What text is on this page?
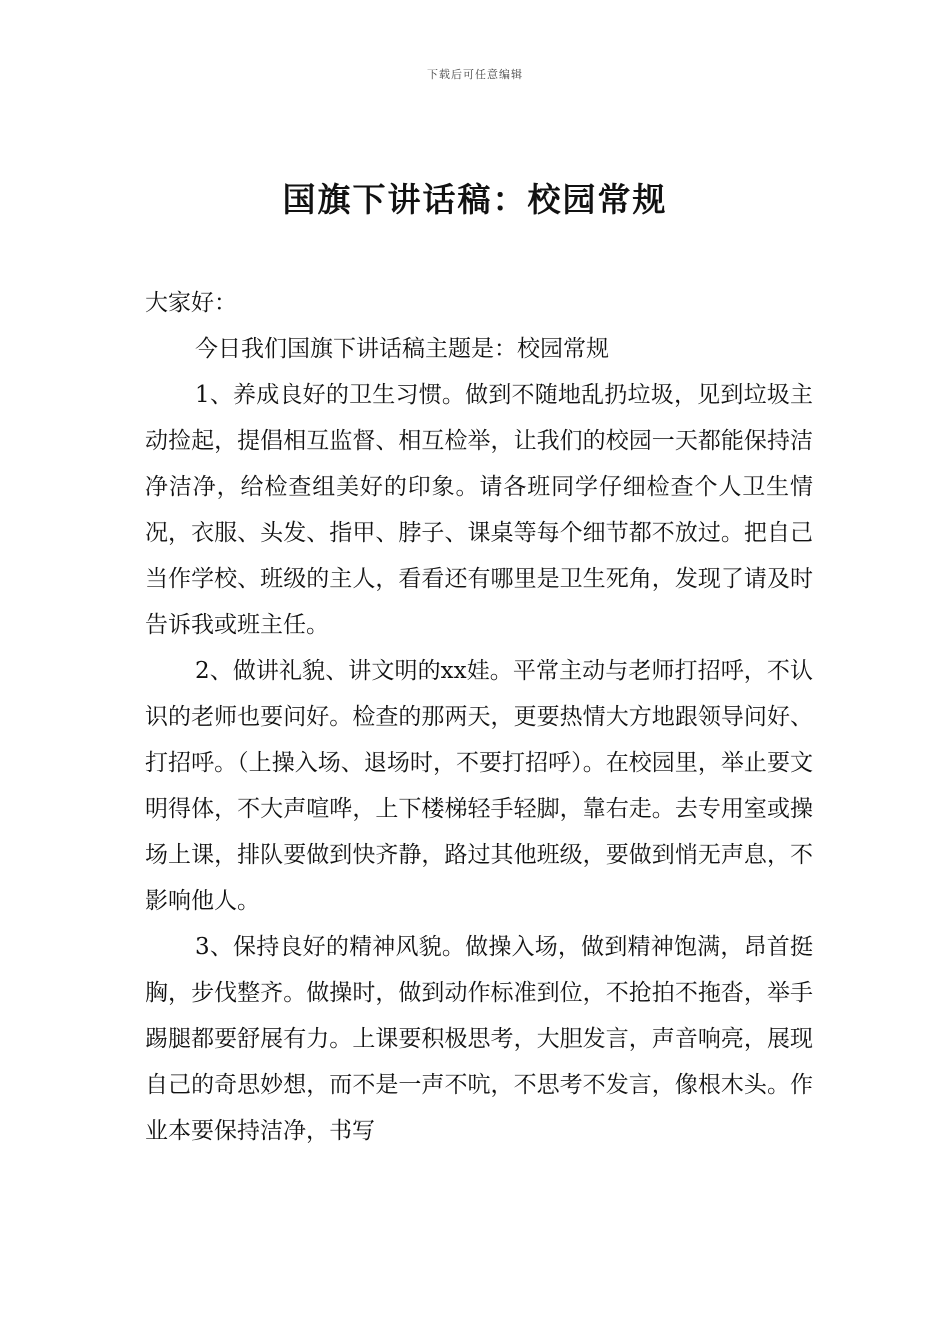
下载后可任意编辑
国旗下讲话稿：校园常规

大家好：

今日我们国旗下讲话稿主题是：校园常规

1、养成良好的卫生习惯。做到不随地乱扔垃圾，见到垃圾主动捡起，提倡相互监督、相互检举，让我们的校园一天都能保持洁净洁净，给检查组美好的印象。请各班同学仔细检查个人卫生情况，衣服、头发、指甲、脖子、课桌等每个细节都不放过。把自己当作学校、班级的主人，看看还有哪里是卫生死角，发现了请及时告诉我或班主任。

2、做讲礼貌、讲文明的xx娃。平常主动与老师打招呼，不认识的老师也要问好。检查的那两天，更要热情大方地跟领导问好、打招呼。（上操入场、退场时，不要打招呼）。在校园里，举止要文明得体，不大声喧哗，上下楼梯轻手轻脚，靠右走。去专用室或操场上课，排队要做到快齐静，路过其他班级，要做到悄无声息，不影响他人。

3、保持良好的精神风貌。做操入场，做到精神饱满，昂首挺胸，步伐整齐。做操时，做到动作标准到位，不抢拍不拖沓，举手踢腿都要舒展有力。上课要积极思考，大胆发言，声音响亮，展现自己的奇思妙想，而不是一声不吭，不思考不发言，像根木头。作业本要保持洁净，书写
